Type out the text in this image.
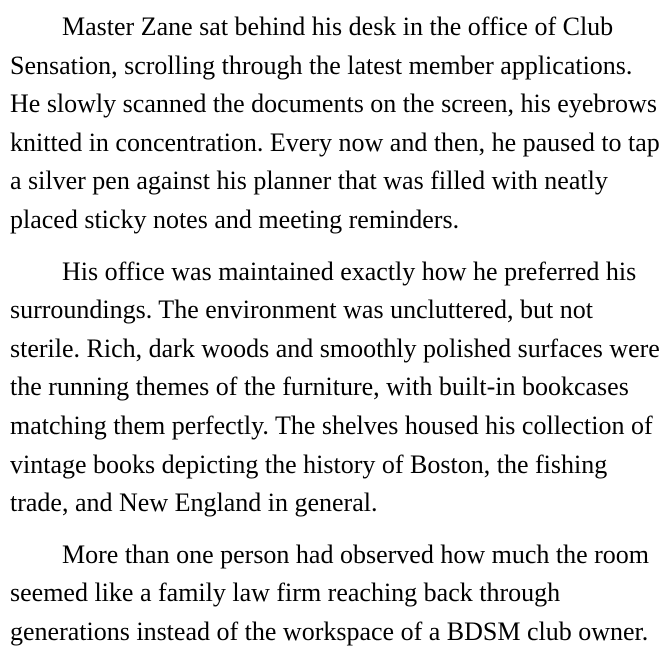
Master Zane sat behind his desk in the office of Club
Sensation, scrolling through the latest member applications.
He slowly scanned the documents on the screen, his eyebrows
knitted in concentration. Every now and then, he paused to tap
a silver pen against his planner that was filled with neatly
placed sticky notes and meeting reminders.

His office was maintained exactly how he preferred his
surroundings. The environment was uncluttered, but not
sterile. Rich, dark woods and smoothly polished surfaces were
the running themes of the furniture, with built-in bookcases
matching them perfectly. The shelves housed his collection of
vintage books depicting the history of Boston, the fishing
trade, and New England in general.

More than one person had observed how much the room
seemed like a family law firm reaching back through
generations instead of the workspace of a BDSM club owner.
